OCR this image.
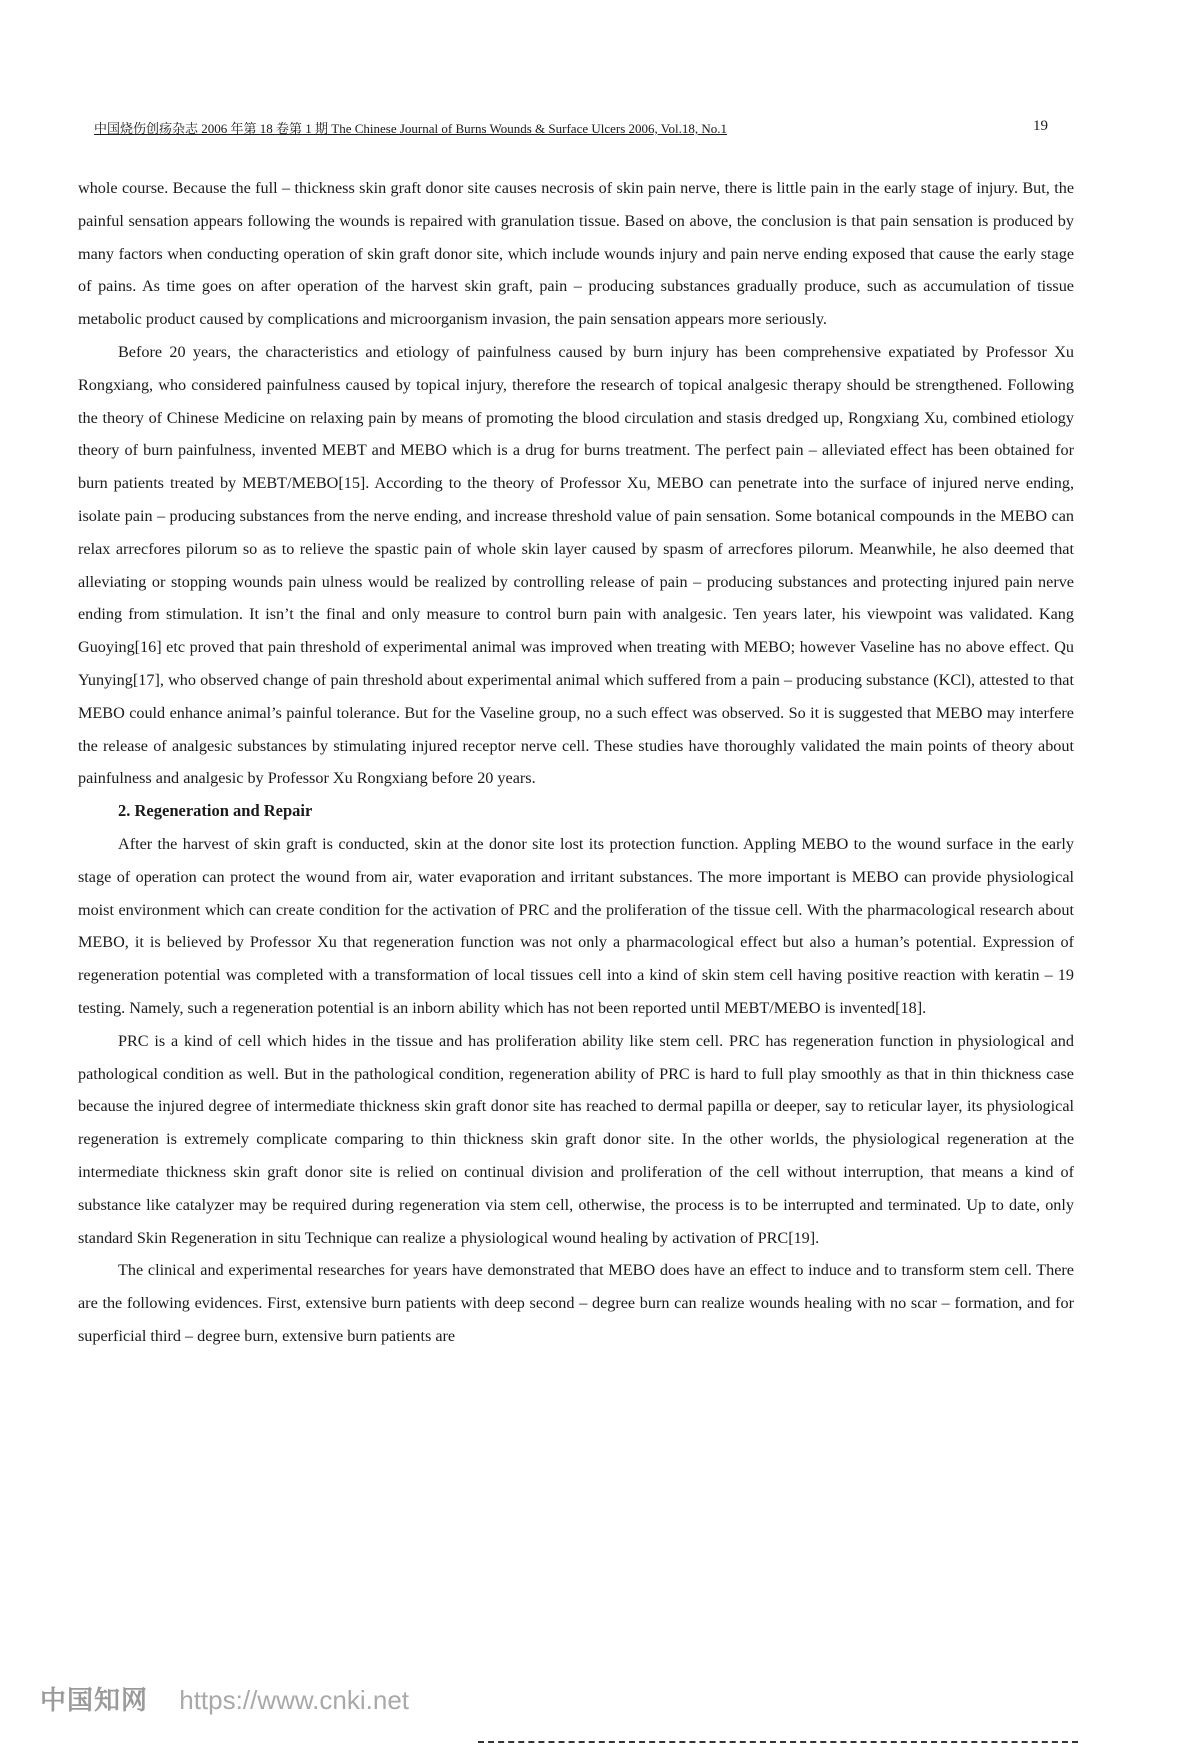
中国烧伤创疡杂志 2006 年第 18 卷第 1 期 The Chinese Journal of Burns Wounds & Surface Ulcers 2006, Vol.18, No.1	19

whole course. Because the full – thickness skin graft donor site causes necrosis of skin pain nerve, there is little pain in the early stage of injury. But, the painful sensation appears following the wounds is repaired with granulation tissue. Based on above, the conclusion is that pain sensation is produced by many factors when conducting operation of skin graft donor site, which include wounds injury and pain nerve ending exposed that cause the early stage of pains. As time goes on after operation of the harvest skin graft, pain – producing substances gradually produce, such as accumulation of tissue metabolic product caused by complications and microorganism invasion, the pain sensation appears more seriously.

Before 20 years, the characteristics and etiology of painfulness caused by burn injury has been comprehensive expatiated by Professor Xu Rongxiang, who considered painfulness caused by topical injury, therefore the research of topical analgesic therapy should be strengthened. Following the theory of Chinese Medicine on relaxing pain by means of promoting the blood circulation and stasis dredged up, Rongxiang Xu, combined etiology theory of burn painfulness, invented MEBT and MEBO which is a drug for burns treatment. The perfect pain – alleviated effect has been obtained for burn patients treated by MEBT/MEBO[15]. According to the theory of Professor Xu, MEBO can penetrate into the surface of injured nerve ending, isolate pain – producing substances from the nerve ending, and increase threshold value of pain sensation. Some botanical compounds in the MEBO can relax arrecfores pilorum so as to relieve the spastic pain of whole skin layer caused by spasm of arrecfores pilorum. Meanwhile, he also deemed that alleviating or stopping wounds pain ulness would be realized by controlling release of pain – producing substances and protecting injured pain nerve ending from stimulation. It isn’t the final and only measure to control burn pain with analgesic. Ten years later, his viewpoint was validated. Kang Guoying[16] etc proved that pain threshold of experimental animal was improved when treating with MEBO; however Vaseline has no above effect. Qu Yunying[17], who observed change of pain threshold about experimental animal which suffered from a pain – producing substance (KCl), attested to that MEBO could enhance animal’s painful tolerance. But for the Vaseline group, no a such effect was observed. So it is suggested that MEBO may interfere the release of analgesic substances by stimulating injured receptor nerve cell. These studies have thoroughly validated the main points of theory about painfulness and analgesic by Professor Xu Rongxiang before 20 years.

2. Regeneration and Repair

After the harvest of skin graft is conducted, skin at the donor site lost its protection function. Appling MEBO to the wound surface in the early stage of operation can protect the wound from air, water evaporation and irritant substances. The more important is MEBO can provide physiological moist environment which can create condition for the activation of PRC and the proliferation of the tissue cell. With the pharmacological research about MEBO, it is believed by Professor Xu that regeneration function was not only a pharmacological effect but also a human’s potential. Expression of regeneration potential was completed with a transformation of local tissues cell into a kind of skin stem cell having positive reaction with keratin – 19 testing. Namely, such a regeneration potential is an inborn ability which has not been reported until MEBT/MEBO is invented[18].

PRC is a kind of cell which hides in the tissue and has proliferation ability like stem cell. PRC has regeneration function in physiological and pathological condition as well. But in the pathological condition, regeneration ability of PRC is hard to full play smoothly as that in thin thickness case because the injured degree of intermediate thickness skin graft donor site has reached to dermal papilla or deeper, say to reticular layer, its physiological regeneration is extremely complicate comparing to thin thickness skin graft donor site. In the other worlds, the physiological regeneration at the intermediate thickness skin graft donor site is relied on continual division and proliferation of the cell without interruption, that means a kind of substance like catalyzer may be required during regeneration via stem cell, otherwise, the process is to be interrupted and terminated. Up to date, only standard Skin Regeneration in situ Technique can realize a physiological wound healing by activation of PRC[19].

The clinical and experimental researches for years have demonstrated that MEBO does have an effect to induce and to transform stem cell. There are the following evidences. First, extensive burn patients with deep second – degree burn can realize wounds healing with no scar – formation, and for superficial third – degree burn, extensive burn patients are

中国知网 https://www.cnki.net
